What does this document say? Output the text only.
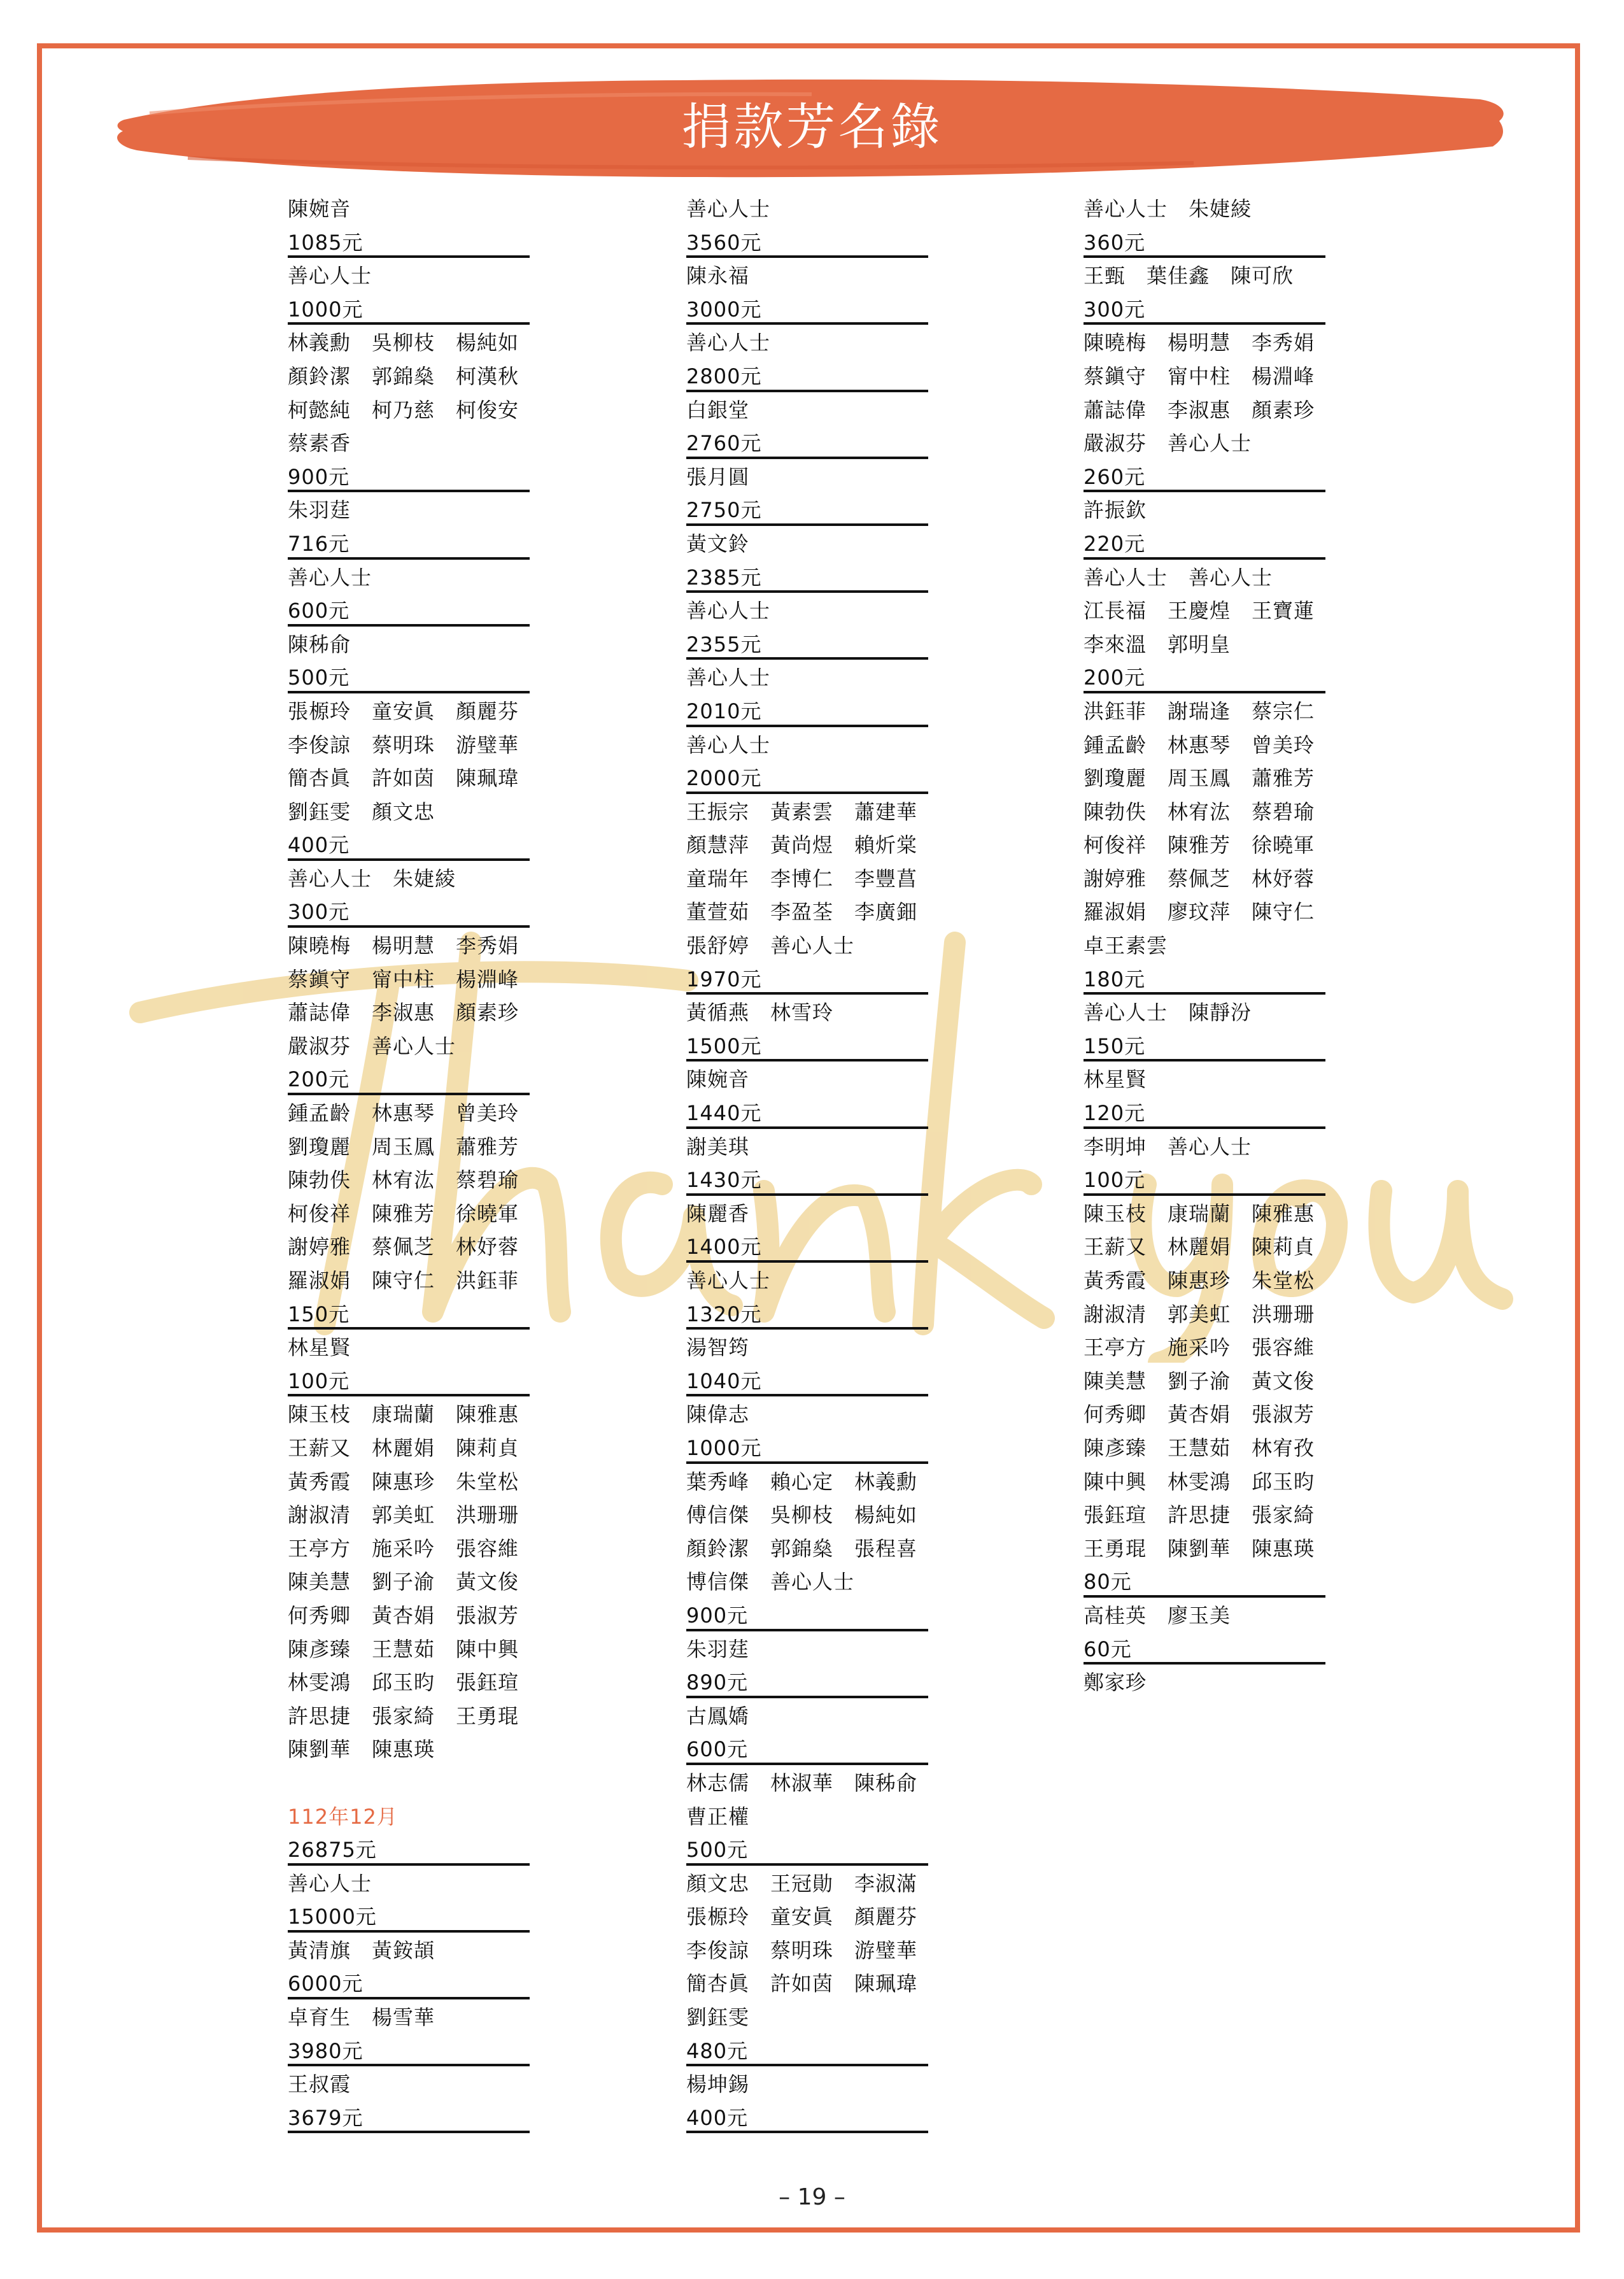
捐款芳名錄
陳婉音
1085元
善心人士
1000元
林義勳　吳柳枝　楊純如
顏鈴潔　郭錦燊　柯漢秋
柯懿純　柯乃慈　柯俊安
蔡素香
900元
朱羽莛
716元
善心人士
600元
陳秭俞
500元
張榞玲　童安眞　顏麗芬
李俊諒　蔡明珠　游璧華
簡杏眞　許如茵　陳珮瑋
劉鈺雯　顏文忠
400元
善心人士　朱婕綾
300元
陳曉梅　楊明慧　李秀娟
蔡鎭守　甯中柱　楊淵峰
蕭誌偉　李淑惠　顏素珍
嚴淑芬　善心人士
200元
鍾孟齡　林惠琴　曾美玲
劉瓊麗　周玉鳳　蕭雅芳
陳勃佚　林宥汯　蔡碧瑜
柯俊祥　陳雅芳　徐曉軍
謝婷雅　蔡佩芝　林妤蓉
羅淑娟　陳守仁　洪鈺菲
150元
林星賢
100元
陳玉枝　康瑞蘭　陳雅惠
王薪又　林麗娟　陳莉貞
黃秀霞　陳惠珍　朱堂松
謝淑清　郭美虹　洪珊珊
王亭方　施采吟　張容維
陳美慧　劉子渝　黃文俊
何秀卿　黃杏娟　張淑芳
陳彥臻　王慧茹　陳中興
林雯鴻　邱玉昀　張鈺瑄
許思捷　張家綺　王勇琨
陳劉華　陳惠瑛
112年12月
26875元
善心人士
15000元
黃清旗　黃銨頡
6000元
卓育生　楊雪華
3980元
王叔霞
3679元
善心人士
3560元
陳永福
3000元
善心人士
2800元
白銀堂
2760元
張月圓
2750元
黃文鈴
2385元
善心人士
2355元
善心人士
2010元
善心人士
2000元
王振宗　黃素雲　蕭建華
顏慧萍　黃尚煜　賴炘棠
童瑞年　李博仁　李豐菖
董萱茹　李盈荃　李廣鈿
張舒婷　善心人士
1970元
黃循燕　林雪玲
1500元
陳婉音
1440元
謝美琪
1430元
陳麗香
1400元
善心人士
1320元
湯智筠
1040元
陳偉志
1000元
葉秀峰　賴心定　林義勳
傅信傑　吳柳枝　楊純如
顏鈴潔　郭錦燊　張程喜
博信傑　善心人士
900元
朱羽莛
890元
古鳳嬌
600元
林志儒　林淑華　陳秭俞
曹正權
500元
顏文忠　王冠勛　李淑滿
張榞玲　童安眞　顏麗芬
李俊諒　蔡明珠　游璧華
簡杏眞　許如茵　陳珮瑋
劉鈺雯
480元
楊坤錫
400元
善心人士　朱婕綾
360元
王甄　葉佳鑫　陳可欣
300元
陳曉梅　楊明慧　李秀娟
蔡鎭守　甯中柱　楊淵峰
蕭誌偉　李淑惠　顏素珍
嚴淑芬　善心人士
260元
許振欽
220元
善心人士　善心人士
江長福　王慶煌　王寶蓮
李來溫　郭明皇
200元
洪鈺菲　謝瑞逢　蔡宗仁
鍾孟齡　林惠琴　曾美玲
劉瓊麗　周玉鳳　蕭雅芳
陳勃佚　林宥汯　蔡碧瑜
柯俊祥　陳雅芳　徐曉軍
謝婷雅　蔡佩芝　林妤蓉
羅淑娟　廖玟萍　陳守仁
卓王素雲
180元
善心人士　陳靜汾
150元
林星賢
120元
李明坤　善心人士
100元
陳玉枝　康瑞蘭　陳雅惠
王薪又　林麗娟　陳莉貞
黃秀霞　陳惠珍　朱堂松
謝淑清　郭美虹　洪珊珊
王亭方　施采吟　張容維
陳美慧　劉子渝　黃文俊
何秀卿　黃杏娟　張淑芳
陳彥臻　王慧茹　林宥孜
陳中興　林雯鴻　邱玉昀
張鈺瑄　許思捷　張家綺
王勇琨　陳劉華　陳惠瑛
80元
高桂英　廖玉美
60元
鄭家珍
– 19 –
